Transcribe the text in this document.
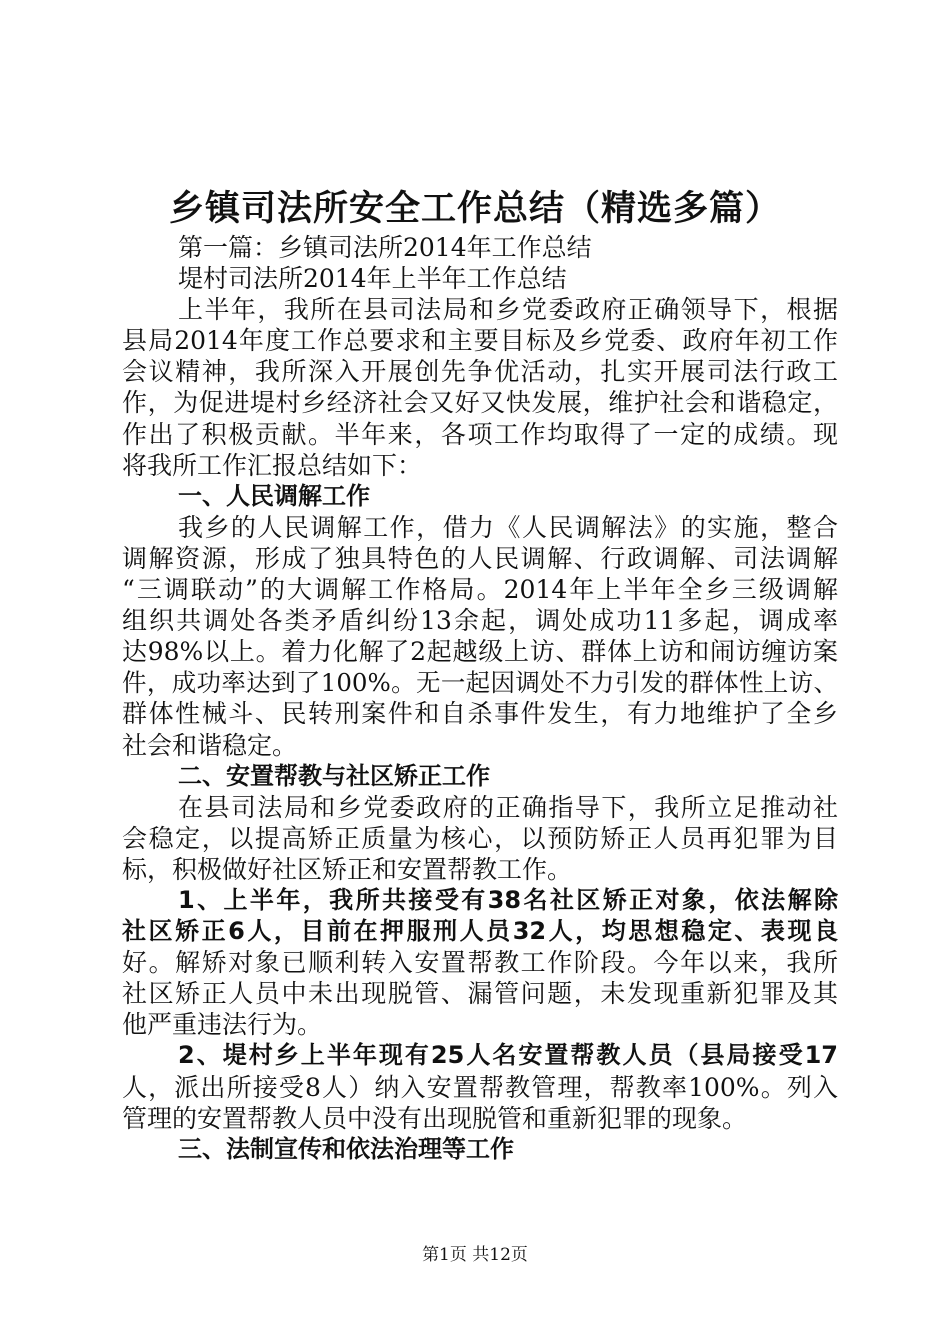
乡镇司法所安全工作总结（精选多篇）
第一篇：乡镇司法所2014年工作总结
堤村司法所2014年上半年工作总结
上半年，我所在县司法局和乡党委政府正确领导下，根据
县局2014年度工作总要求和主要目标及乡党委、政府年初工作
会议精神，我所深入开展创先争优活动，扎实开展司法行政工
作，为促进堤村乡经济社会又好又快发展，维护社会和谐稳定，
作出了积极贡献。半年来，各项工作均取得了一定的成绩。现
将我所工作汇报总结如下：
一、人民调解工作
我乡的人民调解工作，借力《人民调解法》的实施，整合
调解资源，形成了独具特色的人民调解、行政调解、司法调解
“三调联动”的大调解工作格局。2014年上半年全乡三级调解
组织共调处各类矛盾纠纷13余起，调处成功11多起，调成率
达98%以上。着力化解了2起越级上访、群体上访和闹访缠访案
件，成功率达到了100%。无一起因调处不力引发的群体性上访、
群体性械斗、民转刑案件和自杀事件发生，有力地维护了全乡
社会和谐稳定。
二、安置帮教与社区矫正工作
在县司法局和乡党委政府的正确指导下，我所立足推动社
会稳定，以提高矫正质量为核心，以预防矫正人员再犯罪为目
标，积极做好社区矫正和安置帮教工作。
1、上半年，我所共接受有38名社区矫正对象，依法解除
社区矫正6人，目前在押服刑人员32人，均思想稳定、表现良
好。解矫对象已顺利转入安置帮教工作阶段。今年以来，我所
社区矫正人员中未出现脱管、漏管问题，未发现重新犯罪及其
他严重违法行为。
2、堤村乡上半年现有25人名安置帮教人员（县局接受17
人，派出所接受8人）纳入安置帮教管理，帮教率100%。列入
管理的安置帮教人员中没有出现脱管和重新犯罪的现象。
三、法制宣传和依法治理等工作
第1页 共12页
